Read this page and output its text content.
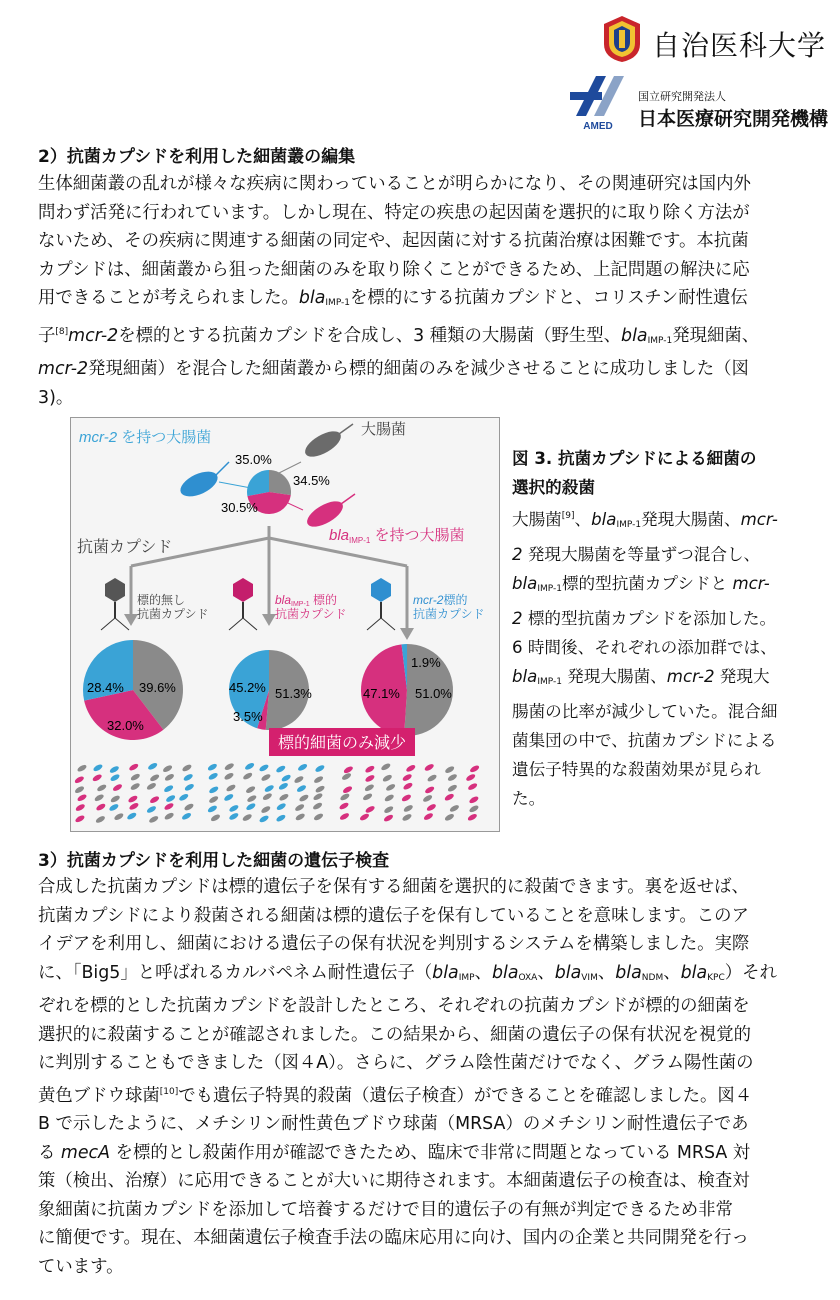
自治医科大学
AMED
国立研究開発法人
日本医療研究開発機構
2）抗菌カプシドを利用した細菌叢の編集
生体細菌叢の乱れが様々な疾病に関わっていることが明らかになり、その関連研究は国内外
問わず活発に行われています。しかし現在、特定の疾患の起因菌を選択的に取り除く方法が
ないため、その疾病に関連する細菌の同定や、起因菌に対する抗菌治療は困難です。本抗菌
カプシドは、細菌叢から狙った細菌のみを取り除くことができるため、上記問題の解決に応
用できることが考えられました。bla$_{IMP-1}$を標的にする抗菌カプシドと、コリスチン耐性遺伝
子[8]mcr-2を標的とする抗菌カプシドを合成し、3 種類の大腸菌（野生型、bla$_{IMP-1}$発現細菌、
mcr-2発現細菌）を混合した細菌叢から標的細菌のみを減少させることに成功しました（図
3)。
mcr-2 を持つ大腸菌	大腸菌
bla$_{IMP-1}$ を持つ大腸菌
35.0%
34.5%
30.5%
抗菌カプシド
標的無し
抗菌カプシド
blaIMP-1 標的
抗菌カプシド
mcr-2標的
抗菌カプシド
28.4% 39.6%
32.0%
45.2% 51.3%
3.5%
1.9%
47.1% 51.0%
標的細菌のみ減少
図 3. 抗菌カプシドによる細菌の
選択的殺菌
大腸菌[9]、bla$_{IMP-1}$発現大腸菌、mcr-
2 発現大腸菌を等量ずつ混合し、
bla$_{IMP-1}$標的型抗菌カプシドと mcr-
2 標的型抗菌カプシドを添加した。
6 時間後、それぞれの添加群では、
bla$_{IMP-1}$ 発現大腸菌、mcr-2 発現大
腸菌の比率が減少していた。混合細
菌集団の中で、抗菌カプシドによる
遺伝子特異的な殺菌効果が見られ
た。
3）抗菌カプシドを利用した細菌の遺伝子検査
合成した抗菌カプシドは標的遺伝子を保有する細菌を選択的に殺菌できます。裏を返せば、
抗菌カプシドにより殺菌される細菌は標的遺伝子を保有していることを意味します。このア
イデアを利用し、細菌における遺伝子の保有状況を判別するシステムを構築しました。実際
に、「Big5」と呼ばれるカルバペネム耐性遺伝子（bla$_{IMP}$、bla$_{OXA}$、bla$_{VIM}$、bla$_{NDM}$、bla$_{KPC}$）それ
ぞれを標的とした抗菌カプシドを設計したところ、それぞれの抗菌カプシドが標的の細菌を
選択的に殺菌することが確認されました。この結果から、細菌の遺伝子の保有状況を視覚的
に判別することもできました（図４A）。さらに、グラム陰性菌だけでなく、グラム陽性菌の
黄色ブドウ球菌[10]でも遺伝子特異的殺菌（遺伝子検査）ができることを確認しました。図４
B で示したように、メチシリン耐性黄色ブドウ球菌（MRSA）のメチシリン耐性遺伝子であ
る mecA を標的とし殺菌作用が確認できたため、臨床で非常に問題となっている MRSA 対
策（検出、治療）に応用できることが大いに期待されます。本細菌遺伝子の検査は、検査対
象細菌に抗菌カプシドを添加して培養するだけで目的遺伝子の有無が判定できるため非常
に簡便です。現在、本細菌遺伝子検査手法の臨床応用に向け、国内の企業と共同開発を行っ
ています。
